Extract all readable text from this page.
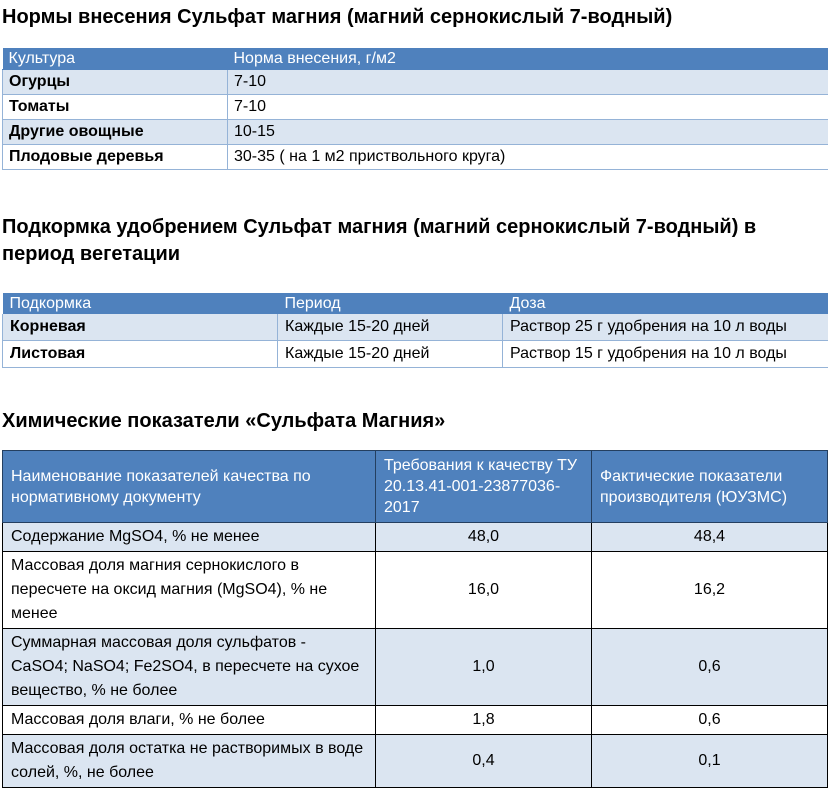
Нормы внесения Сульфат магния (магний сернокислый 7-водный)
Культура	Норма внесения, г/м2
Огурцы	7-10
Томаты	7-10
Другие овощные	10-15
Плодовые деревья	30-35 ( на 1 м2 приствольного круга)
Подкормка удобрением Сульфат магния (магний сернокислый 7-водный) в период вегетации
Подкормка	Период	Доза
Корневая	Каждые 15-20 дней	Раствор 25 г удобрения на 10 л воды
Листовая	Каждые 15-20 дней	Раствор 15 г удобрения на 10 л воды
Химические показатели «Сульфата Магния»
Наименование показателей качества по нормативному документу	Требования к качеству ТУ 20.13.41-001-23877036-2017	Фактические показатели производителя (ЮУЗМС)
Содержание MgSO4, % не менее	48,0	48,4
Массовая доля магния сернокислого в пересчете на оксид магния (MgSO4), % не менее	16,0	16,2
Суммарная массовая доля сульфатов - CaSO4; NaSO4; Fe2SO4, в пересчете на сухое вещество, % не более	1,0	0,6
Массовая доля влаги, % не более	1,8	0,6
Массовая доля остатка не растворимых в воде солей, %, не более	0,4	0,1
